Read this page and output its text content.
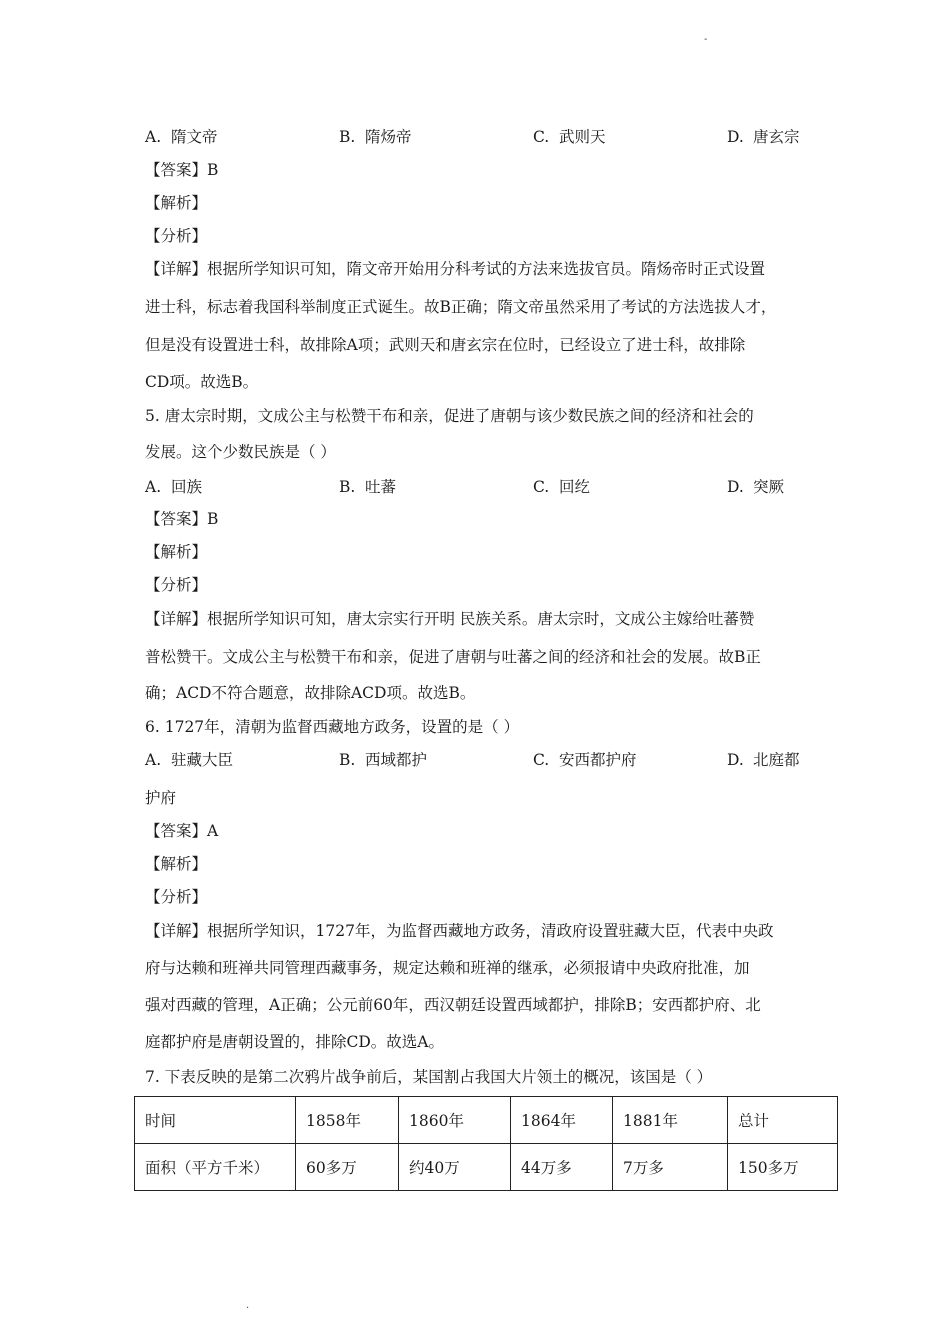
-
A. 隋文帝	B. 隋炀帝	C. 武则天	D. 唐玄宗
【答案】B
【解析】
【分析】
【详解】根据所学知识可知，隋文帝开始用分科考试的方法来选拔官员。隋炀帝时正式设置
进士科，标志着我国科举制度正式诞生。故B正确；隋文帝虽然采用了考试的方法选拔人才，
但是没有设置进士科，故排除A项；武则天和唐玄宗在位时，已经设立了进士科，故排除
CD项。故选B。
5. 唐太宗时期，文成公主与松赞干布和亲，促进了唐朝与该少数民族之间的经济和社会的
发展。这个少数民族是（ ）
A. 回族	B. 吐蕃	C. 回纥	D. 突厥
【答案】B
【解析】
【分析】
【详解】根据所学知识可知，唐太宗实行开明 民族关系。唐太宗时，文成公主嫁给吐蕃赞
普松赞干。文成公主与松赞干布和亲，促进了唐朝与吐蕃之间的经济和社会的发展。故B正
确；ACD不符合题意，故排除ACD项。故选B。
6. 1727年，清朝为监督西藏地方政务，设置的是（ ）
A. 驻藏大臣	B. 西域都护	C. 安西都护府	D. 北庭都
护府
【答案】A
【解析】
【分析】
【详解】根据所学知识，1727年，为监督西藏地方政务，清政府设置驻藏大臣，代表中央政
府与达赖和班禅共同管理西藏事务，规定达赖和班禅的继承，必须报请中央政府批准，加
强对西藏的管理，A正确；公元前60年，西汉朝廷设置西域都护，排除B；安西都护府、北
庭都护府是唐朝设置的，排除CD。故选A。
7. 下表反映的是第二次鸦片战争前后，某国割占我国大片领土的概况，该国是（ ）
时间	1858年	1860年	1864年	1881年	总计
面积（平方千米）	60多万	约40万	44万多	7万多	150多万
.
